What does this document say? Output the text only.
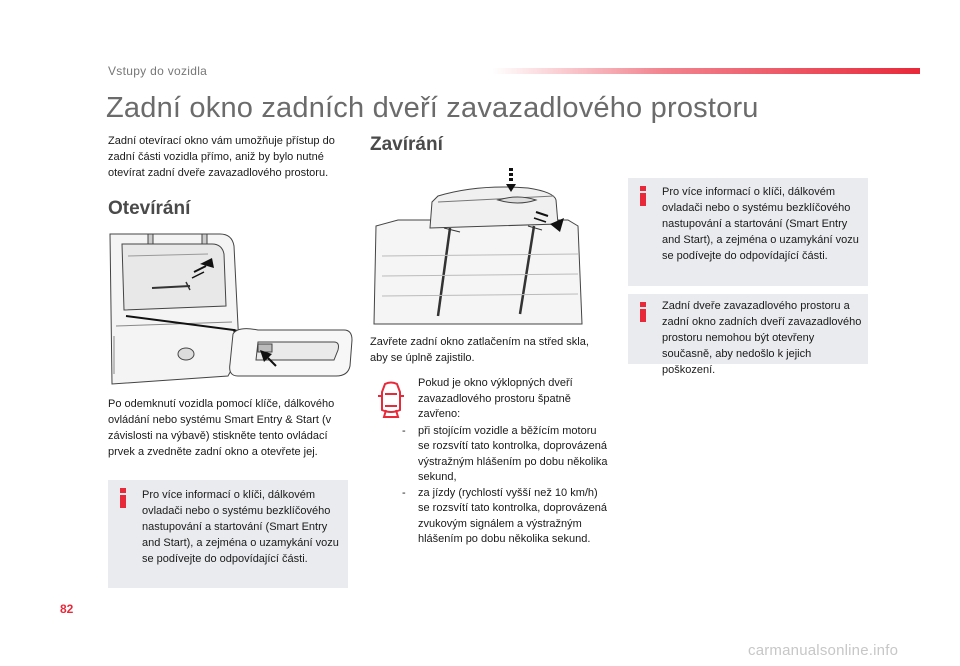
Vstupy do vozidla
Zadní okno zadních dveří zavazadlového prostoru

Zadní otevírací okno vám umožňuje přístup do zadní části vozidla přímo, aniž by bylo nutné otevírat zadní dveře zavazadlového prostoru.

Otevírání

Po odemknutí vozidla pomocí klíče, dálkového ovládání nebo systému Smart Entry & Start (v závislosti na výbavě) stiskněte tento ovládací prvek a zvedněte zadní okno a otevřete jej.

Pro více informací o klíči, dálkovém ovladači nebo o systému bezklíčového nastupování a startování (Smart Entry and Start), a zejména o uzamykání vozu se podívejte do odpovídající části.
Zavírání

Zavřete zadní okno zatlačením na střed skla, aby se úplně zajistilo.

Pokud je okno výklopných dveří zavazadlového prostoru špatně zavřeno:
-	při stojícím vozidle a běžícím motoru se rozsvítí tato kontrolka, doprovázená výstražným hlášením po dobu několika sekund,
-	za jízdy (rychlostí vyšší než 10 km/h) se rozsvítí tato kontrolka, doprovázená zvukovým signálem a výstražným hlášením po dobu několika sekund.
Pro více informací o klíči, dálkovém ovladači nebo o systému bezklíčového nastupování a startování (Smart Entry and Start), a zejména o uzamykání vozu se podívejte do odpovídající části.
Zadní dveře zavazadlového prostoru a zadní okno zadních dveří zavazadlového prostoru nemohou být otevřeny současně, aby nedošlo k jejich poškození.
82
carmanualsonline.info
